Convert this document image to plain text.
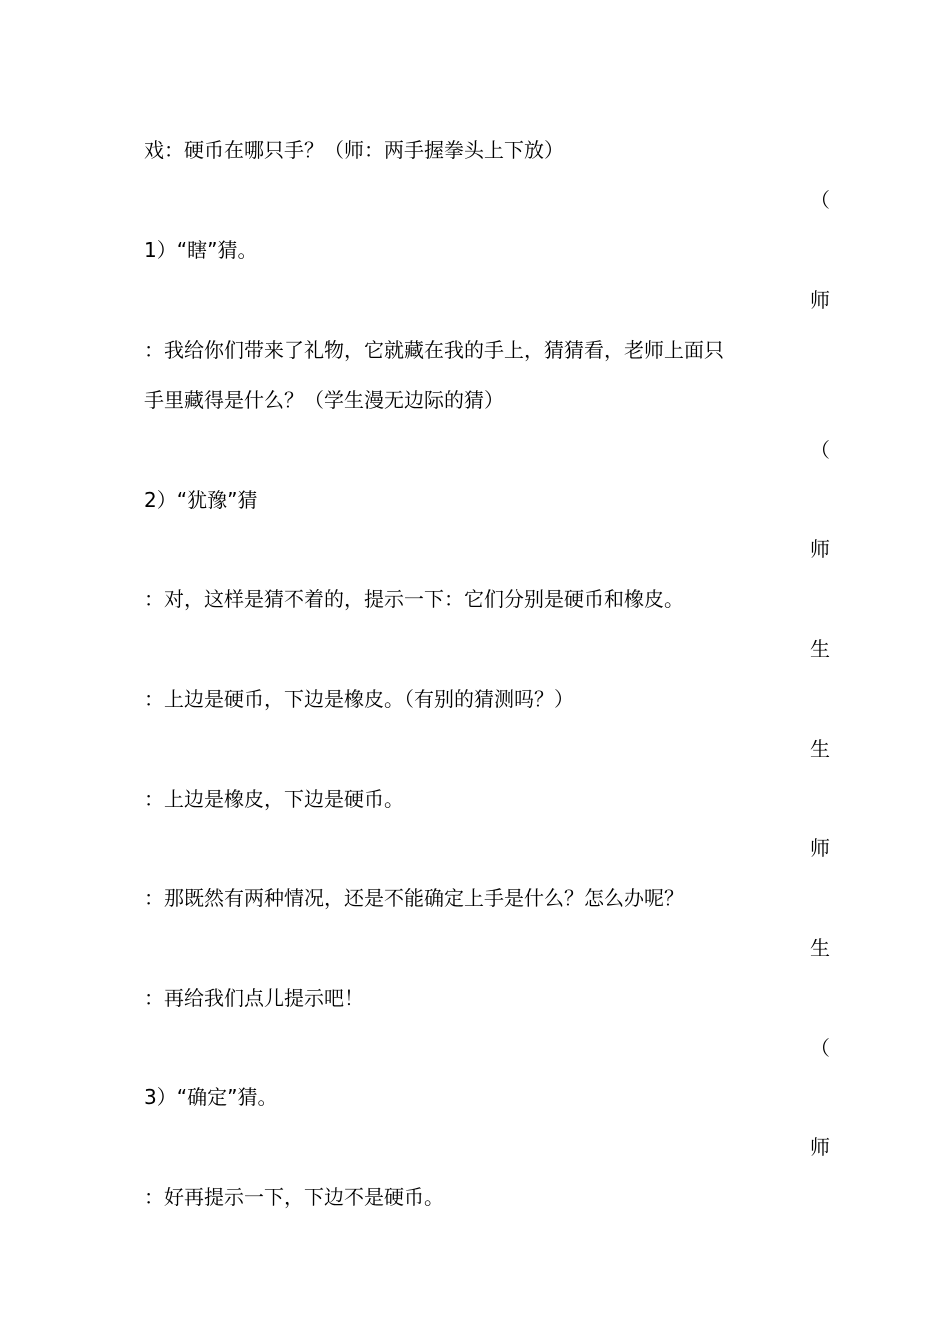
戏：硬币在哪只手？（师：两手握拳头上下放）
（
1）“瞎”猜。
师
：我给你们带来了礼物，它就藏在我的手上，猜猜看，老师上面只
手里藏得是什么？（学生漫无边际的猜）
（
2）“犹豫”猜
师
：对，这样是猜不着的，提示一下：它们分别是硬币和橡皮。
生
：上边是硬币，下边是橡皮。（有别的猜测吗？）
生
：上边是橡皮，下边是硬币。
师
：那既然有两种情况，还是不能确定上手是什么？怎么办呢？
生
：再给我们点儿提示吧！
（
3）“确定”猜。
师
：好再提示一下，下边不是硬币。
